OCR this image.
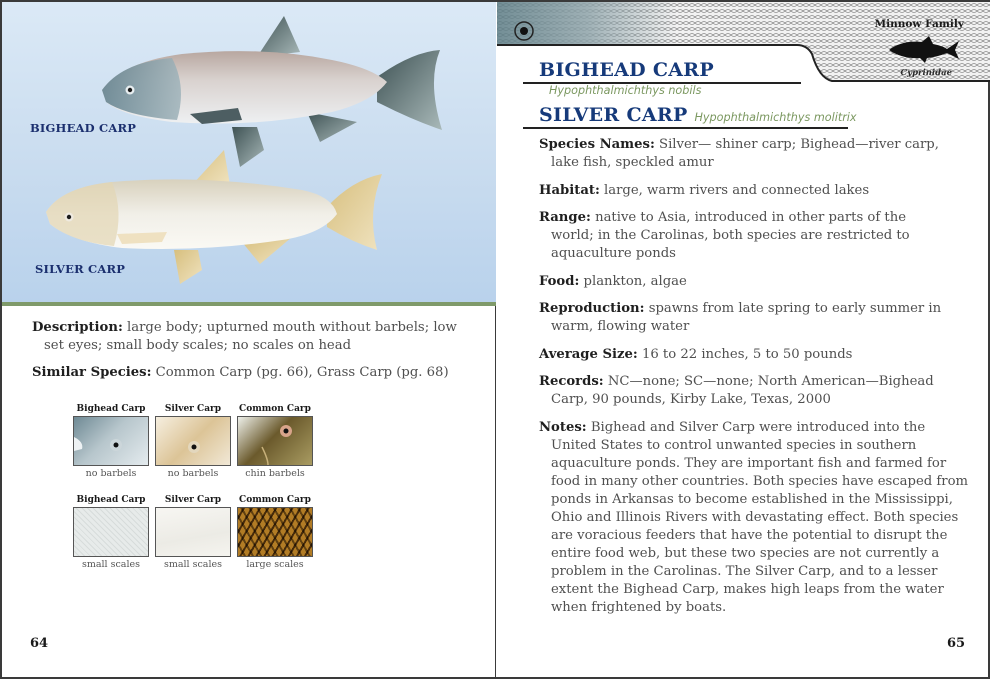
BIGHEAD CARP
SILVER CARP
Description: large body; upturned mouth without barbels; low set eyes; small body scales; no scales on head
Similar Species: Common Carp (pg. 66), Grass Carp (pg. 68)
Bighead Carp
no barbels
Silver Carp
no barbels
Common Carp
chin barbels
Bighead Carp
small scales
Silver Carp
small scales
Common Carp
large scales
64
Minnow Family
Cyprinidae
BIGHEAD CARP
Hypophthalmichthys nobils
SILVER CARP Hypophthalmichthys molitrix
Species Names: Silver— shiner carp; Bighead—river carp, lake fish, speckled amur
Habitat: large, warm rivers and connected lakes
Range: native to Asia, introduced in other parts of the world; in the Carolinas, both species are restricted to aquaculture ponds
Food: plankton, algae
Reproduction: spawns from late spring to early summer in warm, flowing water
Average Size: 16 to 22 inches, 5 to 50 pounds
Records: NC—none; SC—none; North American—Bighead Carp, 90 pounds, Kirby Lake, Texas, 2000
Notes: Bighead and Silver Carp were introduced into the United States to control unwanted species in southern aquaculture ponds. They are important fish and farmed for food in many other countries. Both species have escaped from ponds in Arkansas to become established in the Mississippi, Ohio and Illinois Rivers with devastating effect. Both species are voracious feeders that have the potential to disrupt the entire food web, but these two species are not currently a problem in the Carolinas. The Silver Carp, and to a lesser extent the Bighead Carp, makes high leaps from the water when frightened by boats.
65
